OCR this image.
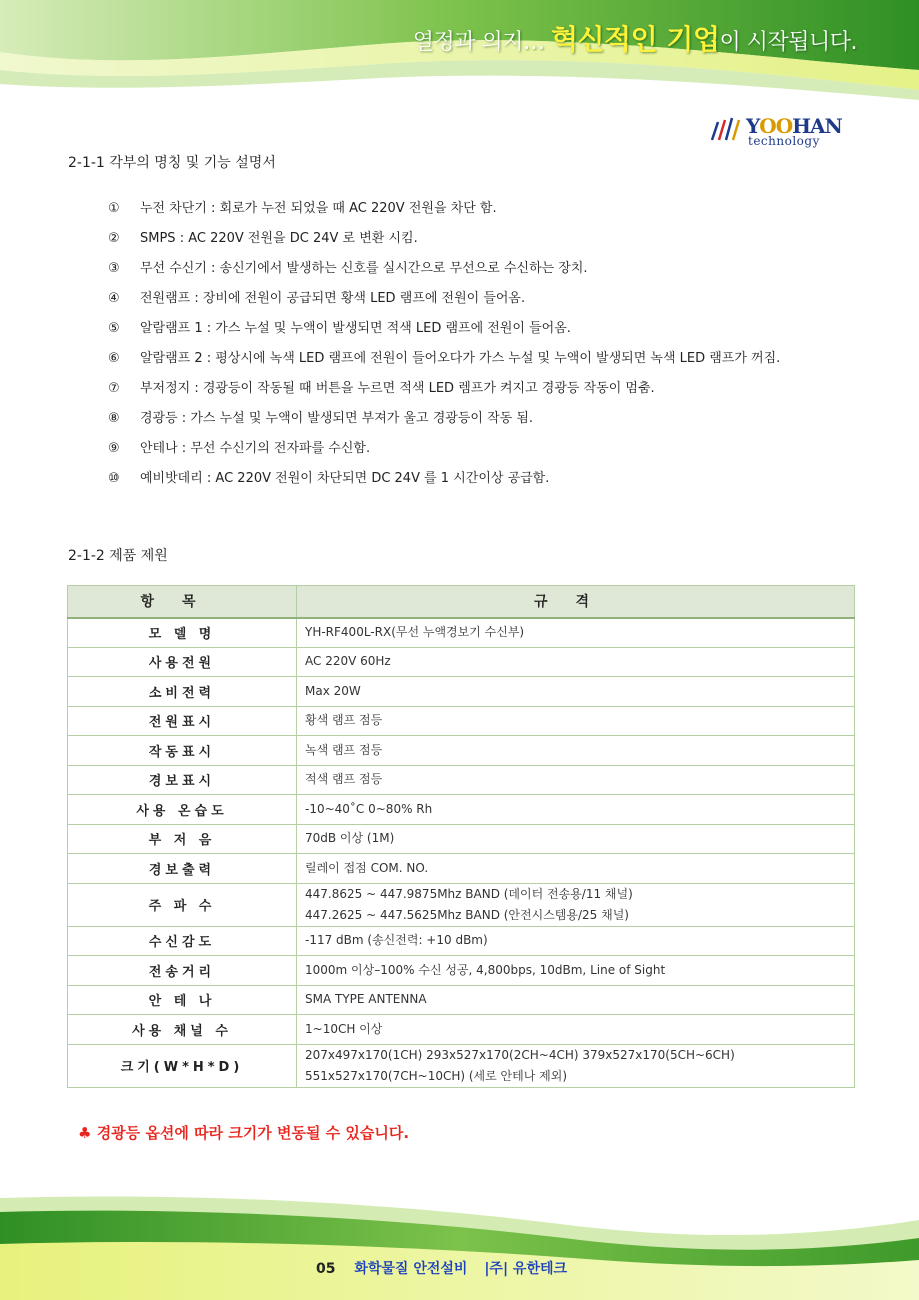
열정과 의지… 혁신적인 기업이 시작됩니다.
YOOHAN
technology
2-1-1 각부의 명칭 및 기능 설명서
① 누전 차단기 : 회로가 누전 되었을 때 AC 220V 전원을 차단 함.
② SMPS : AC 220V 전원을 DC 24V 로 변환 시킴.
③ 무선 수신기 : 송신기에서 발생하는 신호를 실시간으로 무선으로 수신하는 장치.
④ 전원램프 : 장비에 전원이 공급되면 황색 LED 램프에 전원이 들어옴.
⑤ 알람램프 1 : 가스 누설 및 누액이 발생되면 적색 LED 램프에 전원이 들어옴.
⑥ 알람램프 2 : 평상시에 녹색 LED 램프에 전원이 들어오다가 가스 누설 및 누액이 발생되면 녹색 LED 램프가 꺼짐.
⑦ 부저정지 : 경광등이 작동될 때 버튼을 누르면 적색 LED 렘프가 켜지고 경광등 작동이 멈춤.
⑧ 경광등 : 가스 누설 및 누액이 발생되면 부져가 울고 경광등이 작동 됨.
⑨ 안테나 : 무선 수신기의 전자파를 수신함.
⑩ 예비밧데리 : AC 220V 전원이 차단되면 DC 24V 를 1 시간이상 공급함.
2-1-2 제품 제원
항목	규격
모 델 명	YH-RF400L-RX(무선 누액경보기 수신부)

사용전원	AC 220V 60Hz

소비전력	Max 20W

전원표시	황색 램프 점등

작동표시	녹색 램프 점등

경보표시	적색 램프 점등

사용 온습도	-10~40˚C 0~80% Rh

부 저 음	70dB 이상 (1M)

경보출력	릴레이 접점 COM. NO.

주 파 수	447.8625 ~ 447.9875Mhz BAND (데이터 전송용/11 채널)
447.2625 ~ 447.5625Mhz BAND (안전시스템용/25 채널)

수신감도	-117 dBm (송신전력: +10 dBm)

전송거리	1000m 이상–100% 수신 성공, 4,800bps, 10dBm, Line of Sight

안 테 나	SMA TYPE ANTENNA

사용 채널 수	1~10CH 이상

크기(W*H*D)	207x497x170(1CH) 293x527x170(2CH~4CH) 379x527x170(5CH~6CH)
551x527x170(7CH~10CH) (세로 안테나 제외)
♣ 경광등 옵션에 따라 크기가 변동될 수 있습니다.
05 화학물질 안전설비 |주| 유한테크
